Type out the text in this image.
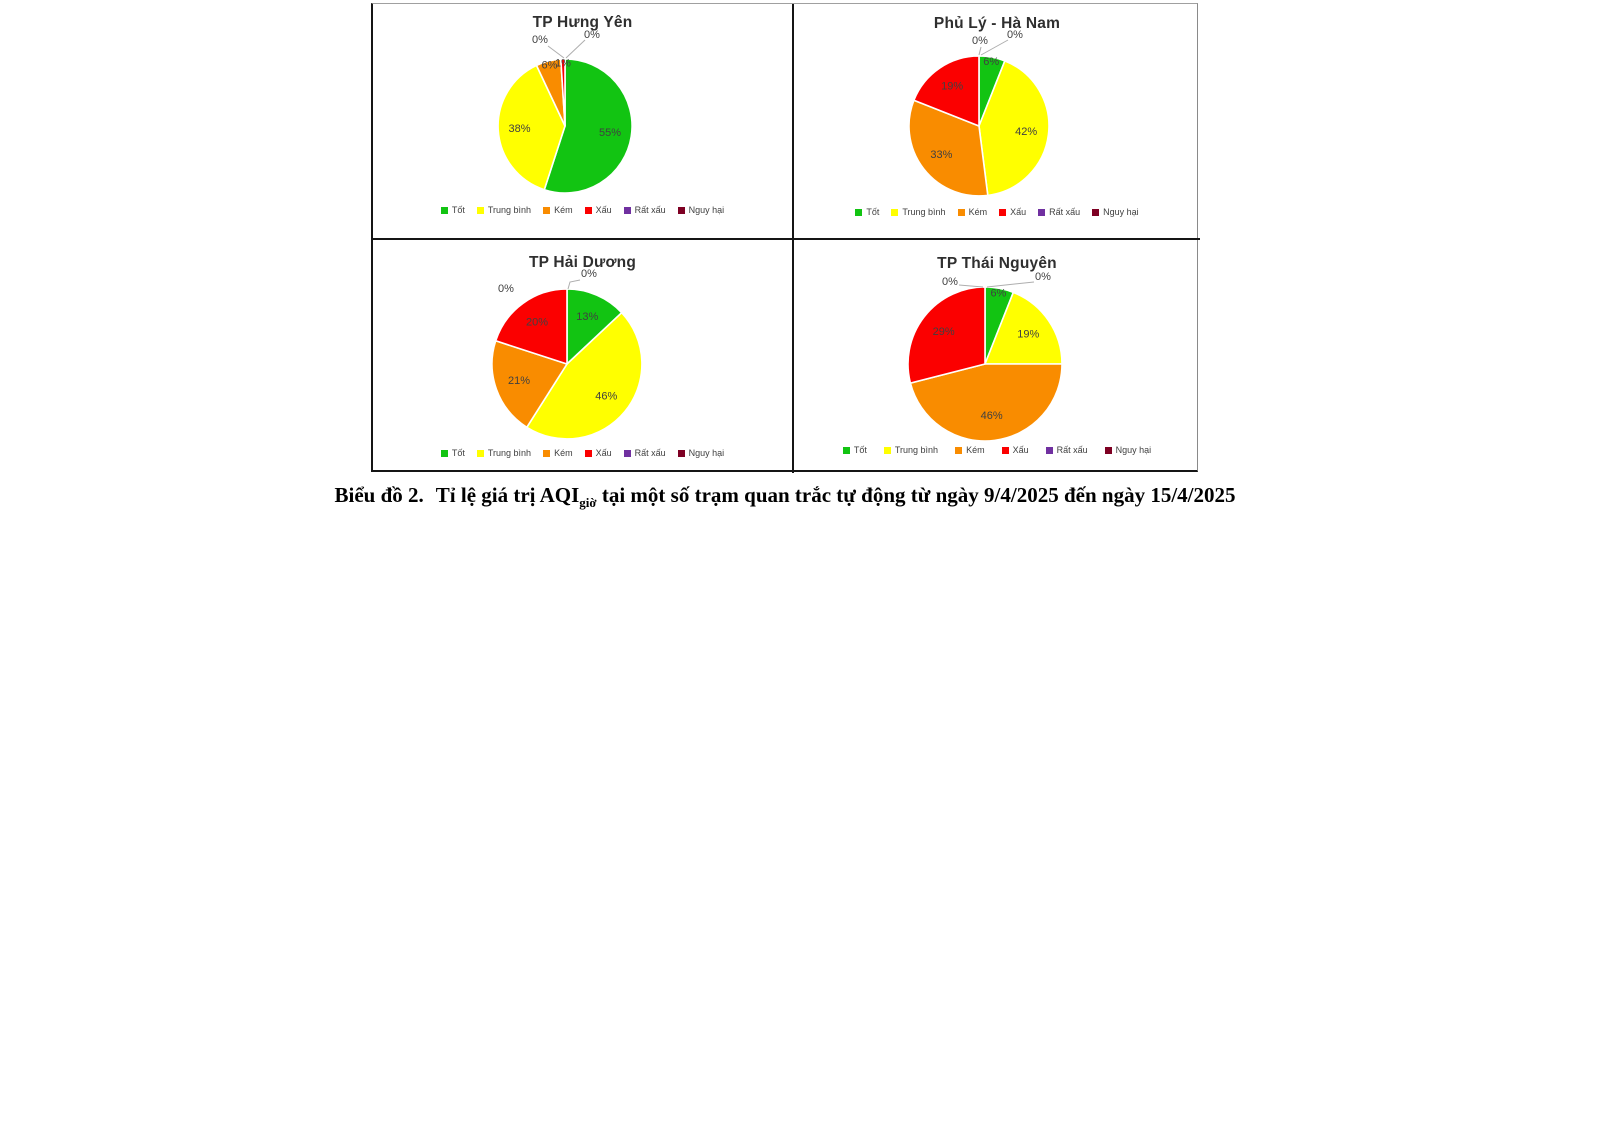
TP Hưng Yên
55%
38%
6%
1%
0%	0%
Tốt	Trung bình	Kém	Xấu	Rất xấu	Nguy hại
Phủ Lý - Hà Nam
6%
42%
33%
19%
0% 0%
Tốt	Trung bình	Kém	Xấu	Rất xấu	Nguy hại
TP Hải Dương
13%
46%
21%
20%
0%
0%
Tốt	Trung bình	Kém	Xấu	Rất xấu	Nguy hại
TP Thái Nguyên
6%
19%
46%
29%
0%	0%
Tốt	Trung bình	Kém	Xấu	Rất xấu	Nguy hại
Biểu đồ 2. Tỉ lệ giá trị $AQI_{giờ}$ tại một số trạm quan trắc tự động từ ngày 9/4/2025 đến ngày 15/4/2025
